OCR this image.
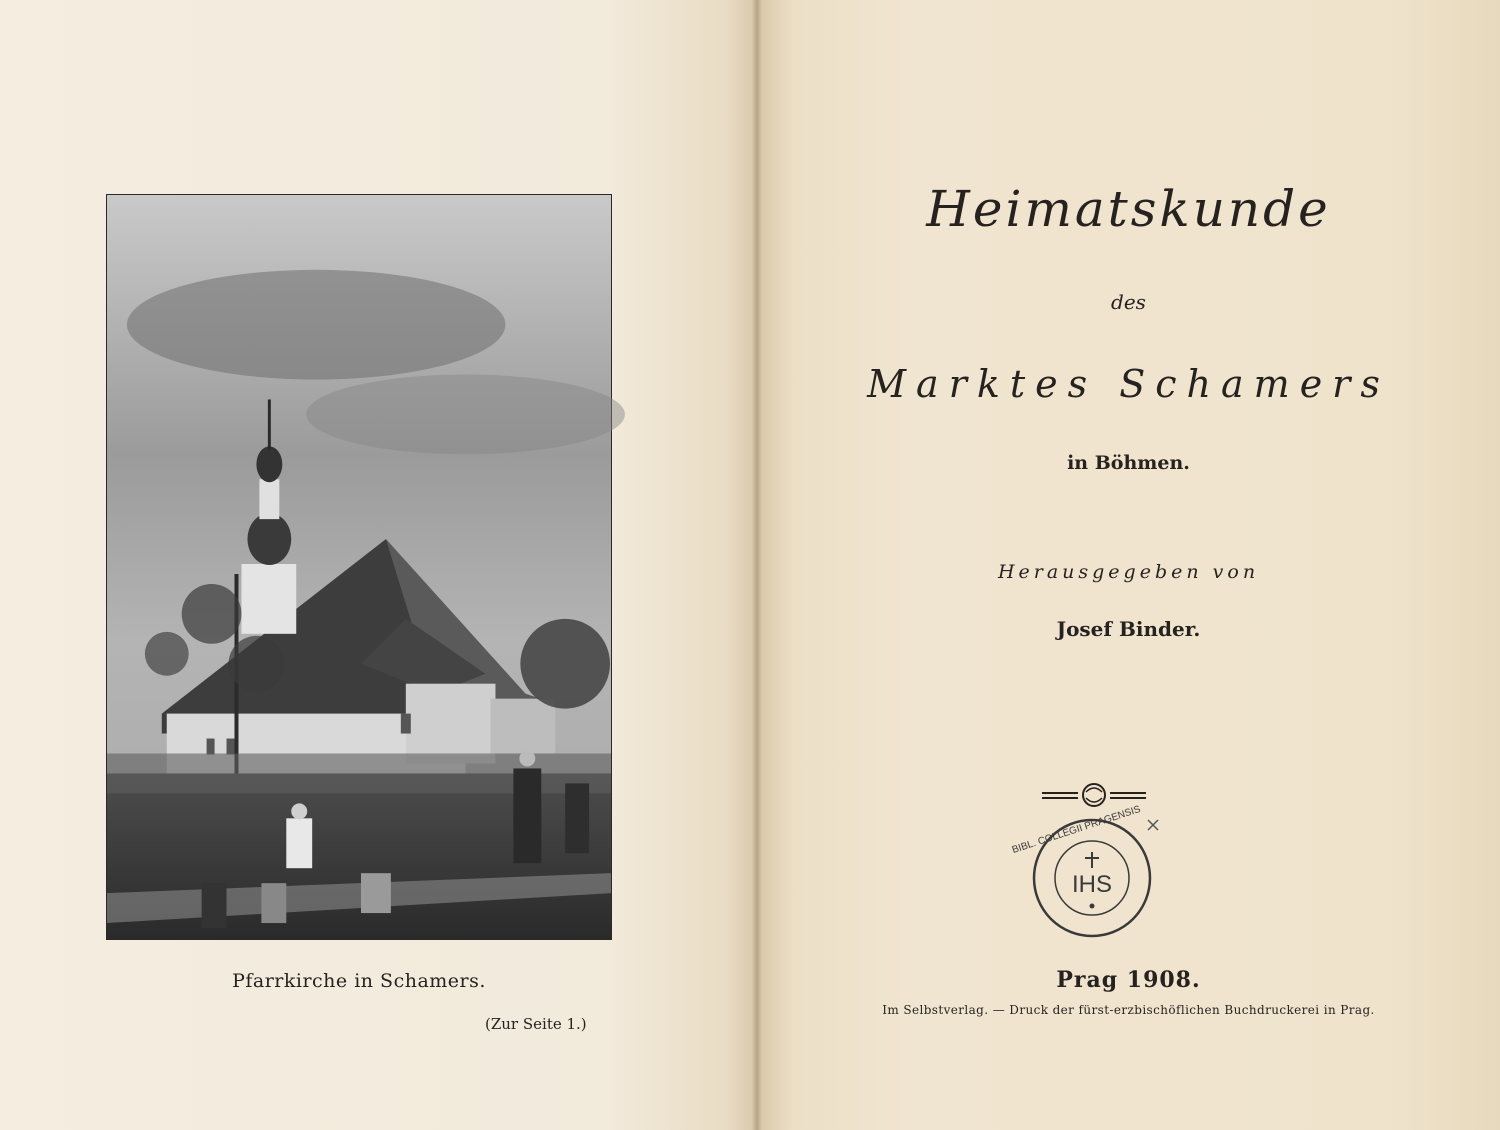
Pfarrkirche in Schamers.
(Zur Seite 1.)
Heimatskunde
des
Marktes Schamers
in Böhmen.
Herausgegeben von
Josef Binder.
IHS
BIBL. COLLEGII PRAGENSIS
Prag 1908.
Im Selbstverlag. — Druck der fürst-erzbischöflichen Buchdruckerei in Prag.
